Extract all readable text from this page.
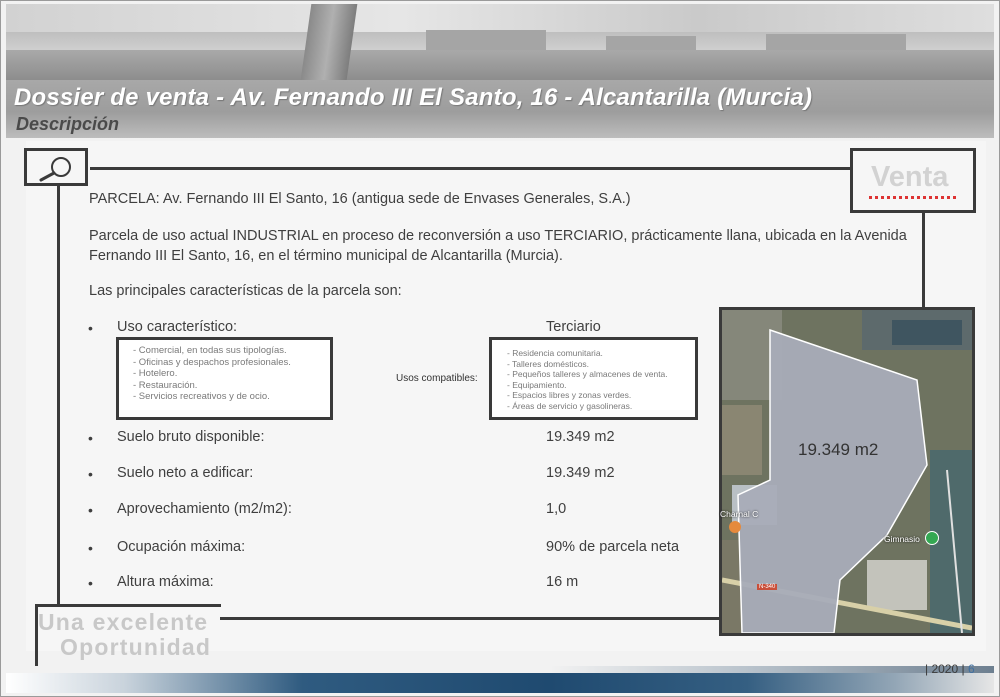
Dossier de venta - Av. Fernando III El Santo, 16 - Alcantarilla (Murcia)
Descripción
Venta
PARCELA: Av. Fernando III El Santo, 16 (antigua sede de Envases Generales, S.A.)
Parcela de uso actual INDUSTRIAL en proceso de reconversión a uso TERCIARIO, prácticamente llana, ubicada en la Avenida Fernando III El Santo, 16, en el término municipal de Alcantarilla (Murcia).
Las principales características de la parcela son:
• Uso característico:	Terciario
• Suelo bruto disponible:	19.349 m2
• Suelo neto a edificar:	19.349 m2
• Aprovechamiento (m2/m2):	1,0
• Ocupación máxima:	90% de parcela neta
• Altura máxima:	16 m
- Comercial, en todas sus tipologías.
- Oficinas y despachos profesionales.
- Hotelero.
- Restauración.
- Servicios recreativos y de ocio.
Usos compatibles:
- Residencia comunitaria.
- Talleres domésticos.
- Pequeños talleres y almacenes de venta.
- Equipamiento.
- Espacios libres y zonas verdes.
- Áreas de servicio y gasolineras.
19.349 m2
Charnal C
Gimnasio
N-340
Una excelente
Oportunidad
| 2020 | 6
